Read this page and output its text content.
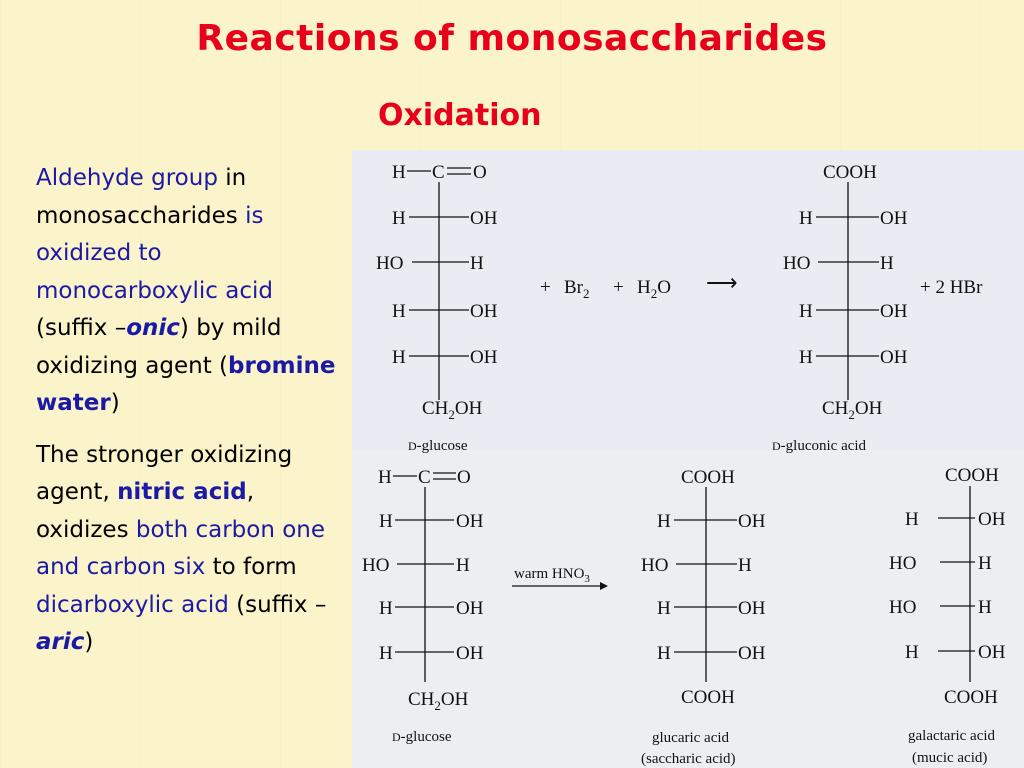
Reactions of monosaccharides
Oxidation

Aldehyde group in monosaccharides is oxidized to monocarboxylic acid (suffix –onic) by mild oxidizing agent (bromine water)

The stronger oxidizing agent, nitric acid, oxidizes both carbon one and carbon six to form dicarboxylic acid (suffix –aric)

H C O
H	OH
HO	H
H	OH
H	OH
$CH_2OH$
D-glucose
+ $Br_2 + H_2O$ ⟶
COOH
H	OH
HO	H
H	OH
H	OH
$CH_2OH$
D-gluconic acid
+ 2 HBr
H C O
H	OH
HO	H
H	OH
H	OH
$CH_2OH$
D-glucose
warm $HNO_3$
COOH
H	OH
HO	H
H	OH
H	OH
COOH
glucaric acid
(saccharic acid)
COOH
H	OH
HO	H
HO	H
H	OH
COOH
galactaric acid
(mucic acid)
